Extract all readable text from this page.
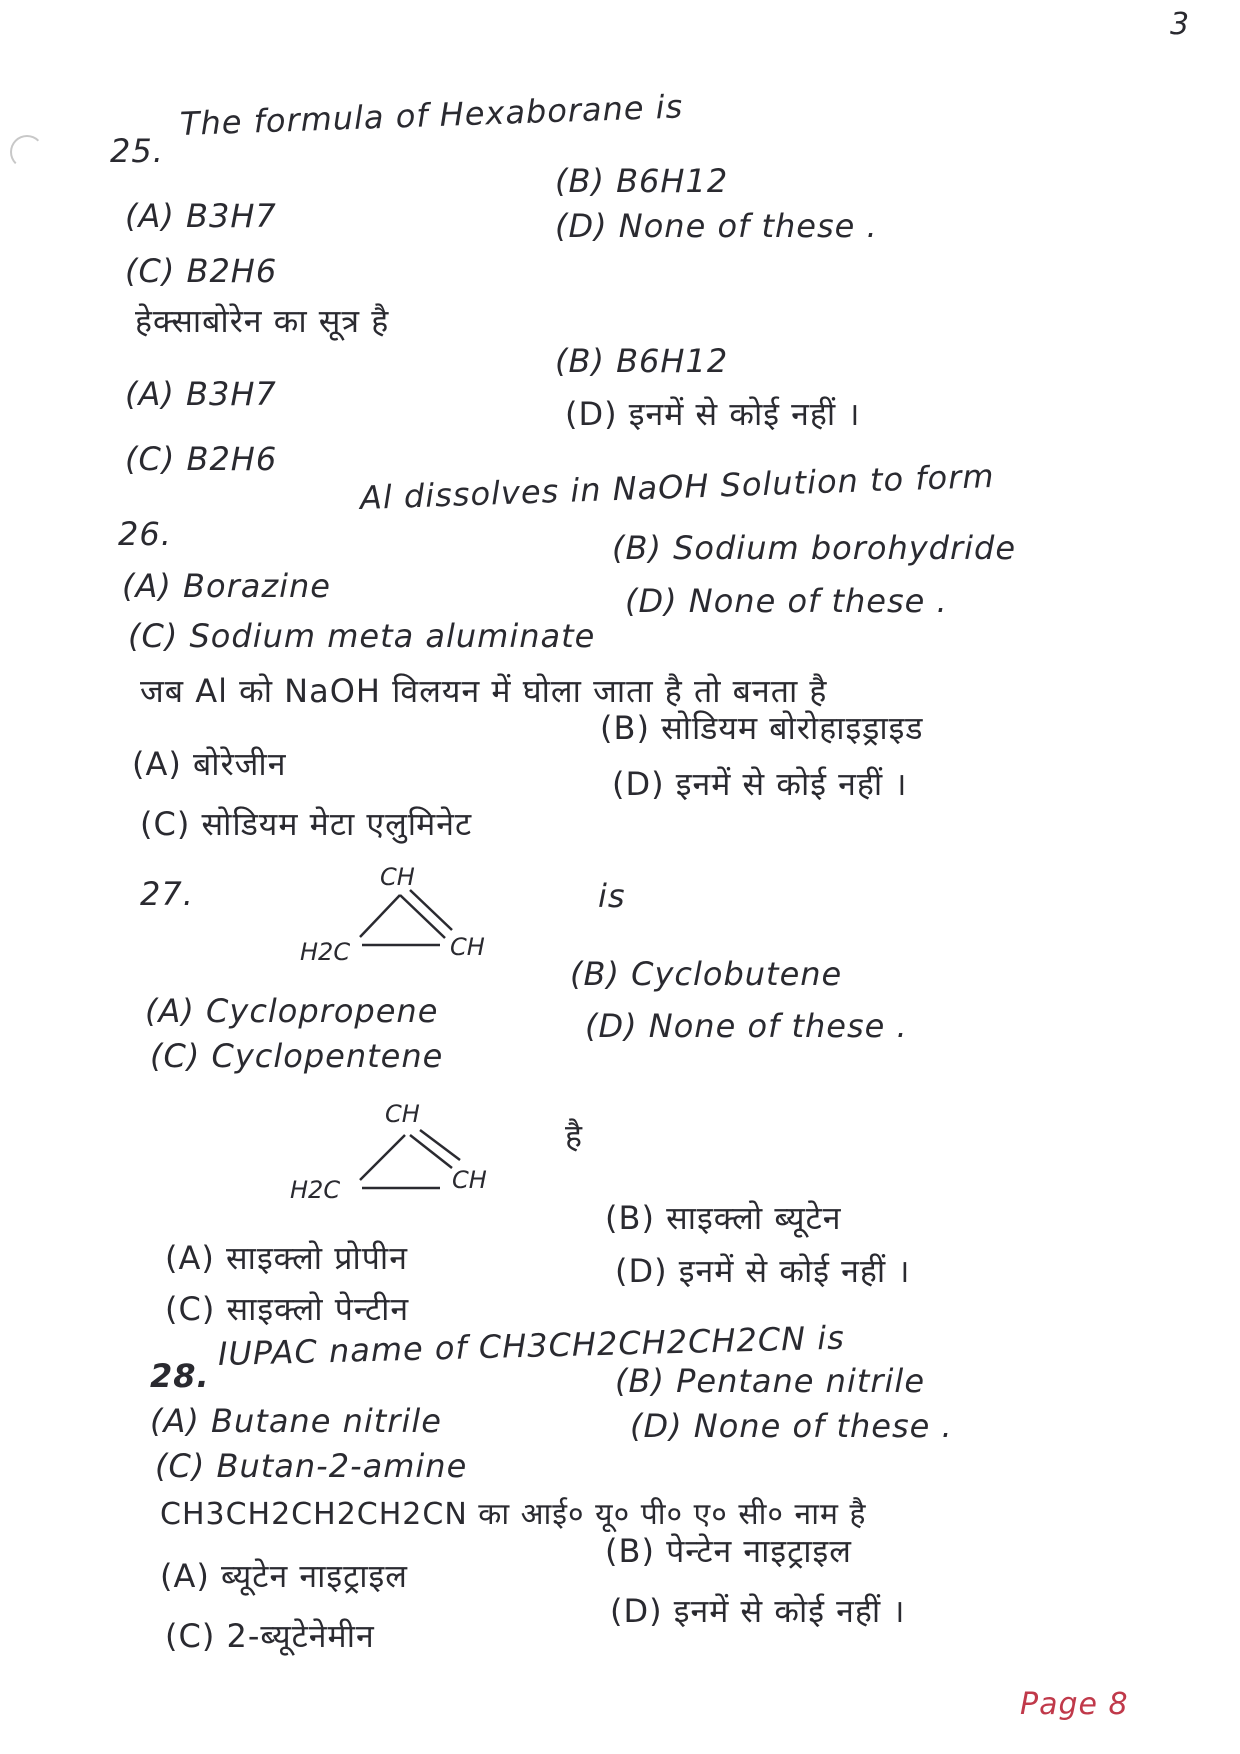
3
25.
The formula of Hexaborane is
(A) B3H7
(B) B6H12
(C) B2H6
(D) None of these .
हेक्साबोरेन का सूत्र है
(A) B3H7
(B) B6H12
(C) B2H6
(D) इनमें से कोई नहीं ।
26.
Al dissolves in NaOH Solution to form
(A) Borazine
(B) Sodium borohydride
(C) Sodium meta aluminate
(D) None of these .
जब Al को NaOH विलयन में घोला जाता है तो बनता है
(A) बोरेजीन
(B) सोडियम बोरोहाइड्राइड
(C) सोडियम मेटा एलुमिनेट
(D) इनमें से कोई नहीं ।
27.	CH
CH
H2C
is
(A) Cyclopropene
(B) Cyclobutene
(C) Cyclopentene
(D) None of these .
CH
CH
H2C
है
(A) साइक्लो प्रोपीन
(B) साइक्लो ब्यूटेन
(C) साइक्लो पेन्टीन
(D) इनमें से कोई नहीं ।
28.
IUPAC name of CH3CH2CH2CH2CN is
(A) Butane nitrile
(B) Pentane nitrile
(C) Butan-2-amine
(D) None of these .
CH3CH2CH2CH2CN का आई० यू० पी० ए० सी० नाम है
(A) ब्यूटेन नाइट्राइल
(B) पेन्टेन नाइट्राइल
(C) 2-ब्यूटेनेमीन
(D) इनमें से कोई नहीं ।
Page 8
